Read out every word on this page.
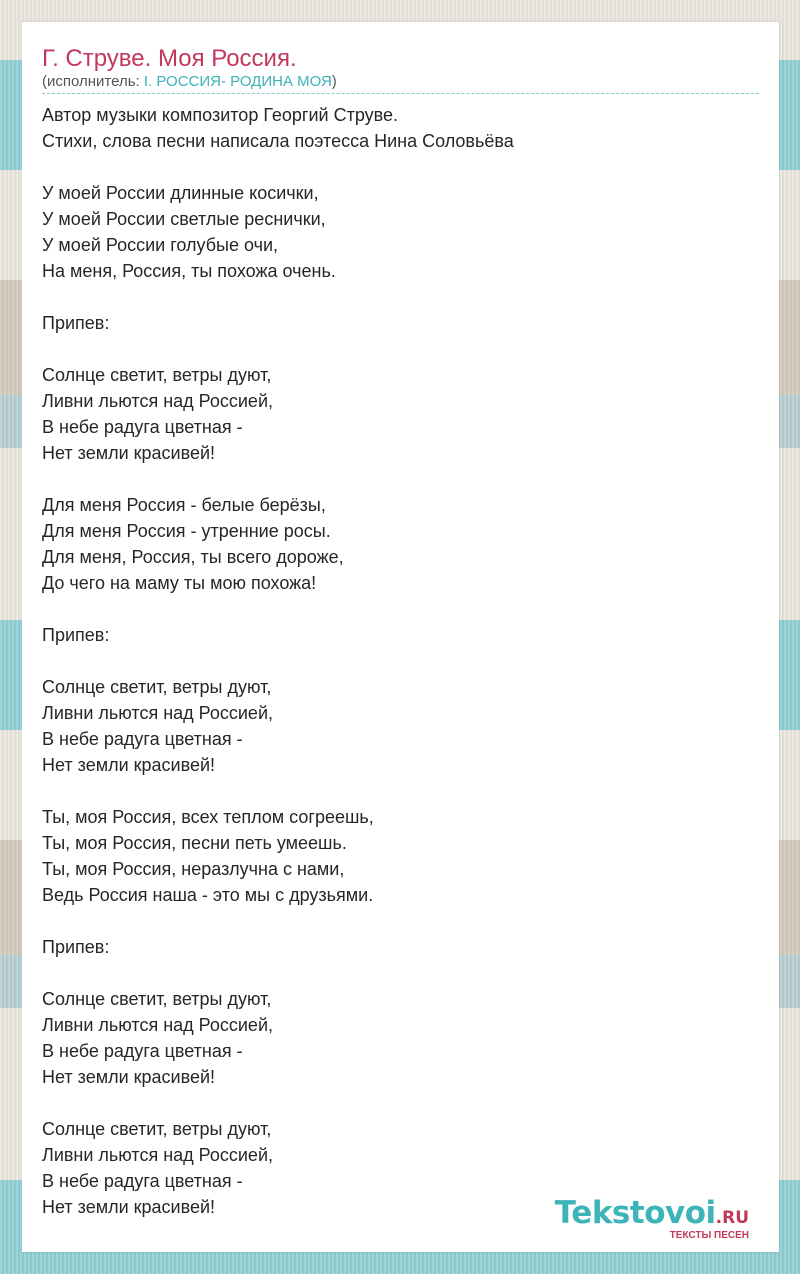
Г. Струве. Моя Россия.
(исполнитель: I. РОССИЯ- РОДИНА МОЯ)
Автор музыки композитор Георгий Струве.
Стихи, слова песни написала поэтесса Нина Соловьёва
У моей России длинные косички,
У моей России светлые реснички,
У моей России голубые очи,
На меня, Россия, ты похожа очень.
Припев:
Солнце светит, ветры дуют,
Ливни льются над Россией,
В небе радуга цветная -
Нет земли красивей!
Для меня Россия - белые берёзы,
Для меня Россия - утренние росы.
Для меня, Россия, ты всего дороже,
До чего на маму ты мою похожа!
Припев:
Солнце светит, ветры дуют,
Ливни льются над Россией,
В небе радуга цветная -
Нет земли красивей!
Ты, моя Россия, всех теплом согреешь,
Ты, моя Россия, песни петь умеешь.
Ты, моя Россия, неразлучна с нами,
Ведь Россия наша - это мы с друзьями.
Припев:
Солнце светит, ветры дуют,
Ливни льются над Россией,
В небе радуга цветная -
Нет земли красивей!
Солнце светит, ветры дуют,
Ливни льются над Россией,
В небе радуга цветная -
Нет земли красивей!	Tekstovoi.RU
ТЕКСТЫ ПЕСЕН
